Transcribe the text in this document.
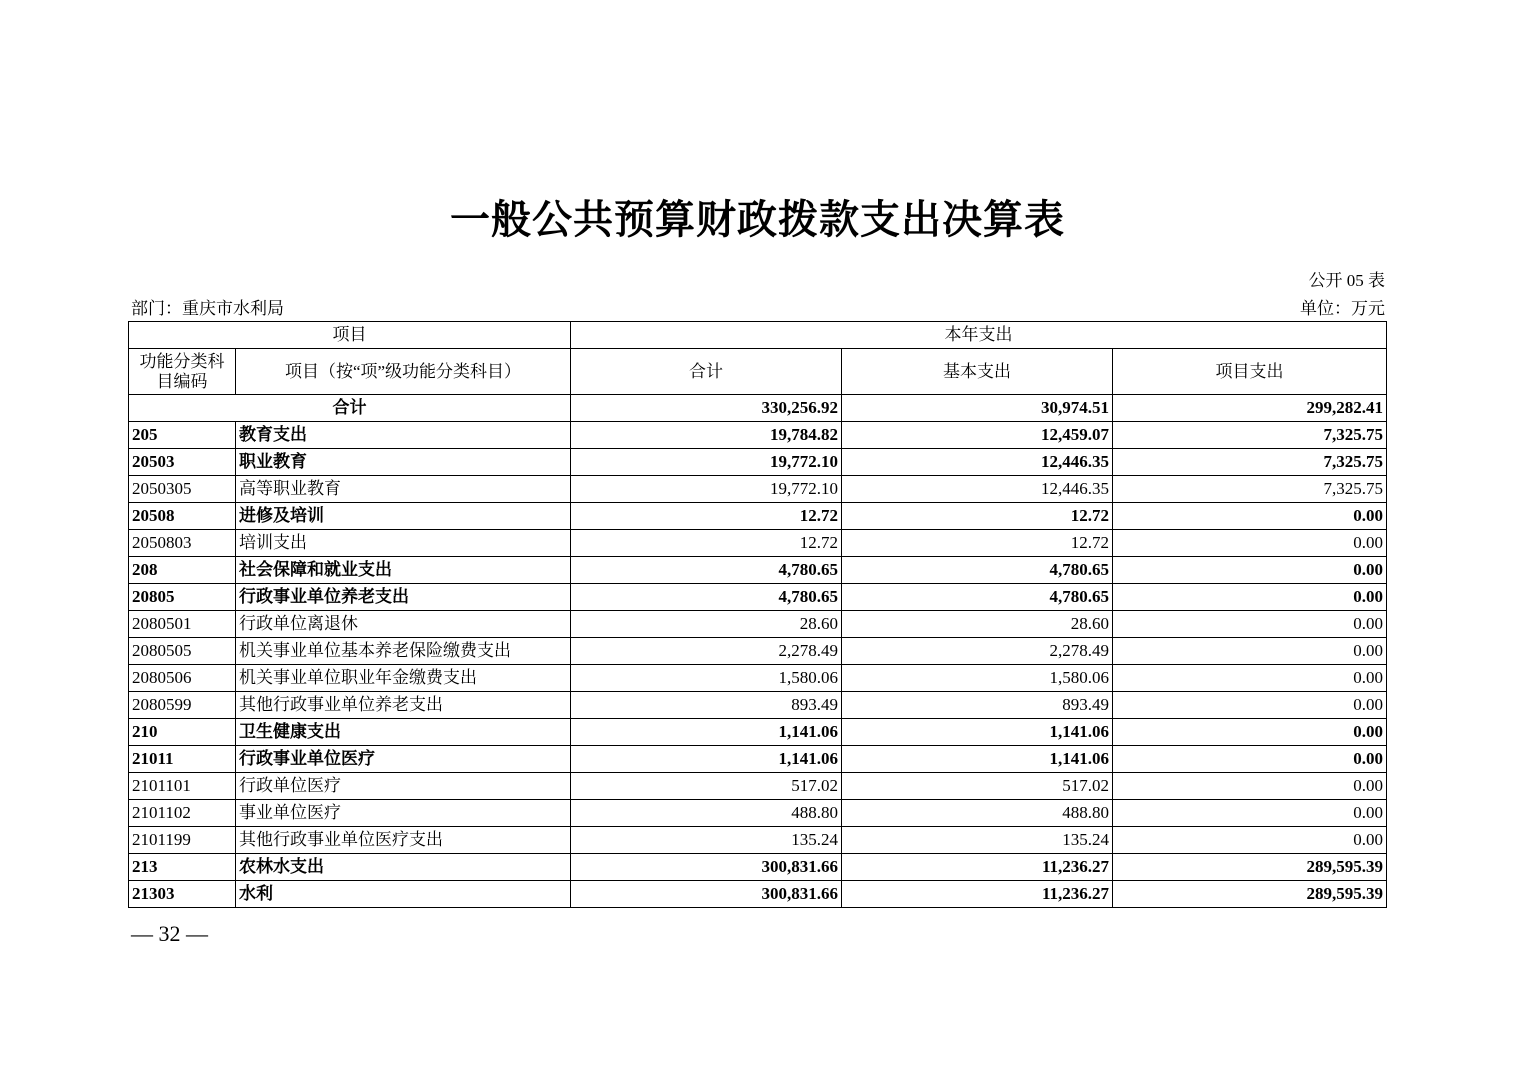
一般公共预算财政拨款支出决算表
公开 05 表
部门：重庆市水利局	单位：万元
项目		本年支出		
功能分类科目编码	项目（按“项”级功能分类科目）	合计	基本支出	项目支出
合计		330,256.92	30,974.51	299,282.41
205	教育支出	19,784.82	12,459.07	7,325.75
20503	职业教育	19,772.10	12,446.35	7,325.75
2050305	高等职业教育	19,772.10	12,446.35	7,325.75
20508	进修及培训	12.72	12.72	0.00
2050803	培训支出	12.72	12.72	0.00
208	社会保障和就业支出	4,780.65	4,780.65	0.00
20805	行政事业单位养老支出	4,780.65	4,780.65	0.00
2080501	行政单位离退休	28.60	28.60	0.00
2080505	机关事业单位基本养老保险缴费支出	2,278.49	2,278.49	0.00
2080506	机关事业单位职业年金缴费支出	1,580.06	1,580.06	0.00
2080599	其他行政事业单位养老支出	893.49	893.49	0.00
210	卫生健康支出	1,141.06	1,141.06	0.00
21011	行政事业单位医疗	1,141.06	1,141.06	0.00
2101101	行政单位医疗	517.02	517.02	0.00
2101102	事业单位医疗	488.80	488.80	0.00
2101199	其他行政事业单位医疗支出	135.24	135.24	0.00
213	农林水支出	300,831.66	11,236.27	289,595.39
21303	水利	300,831.66	11,236.27	289,595.39
— 32 —
